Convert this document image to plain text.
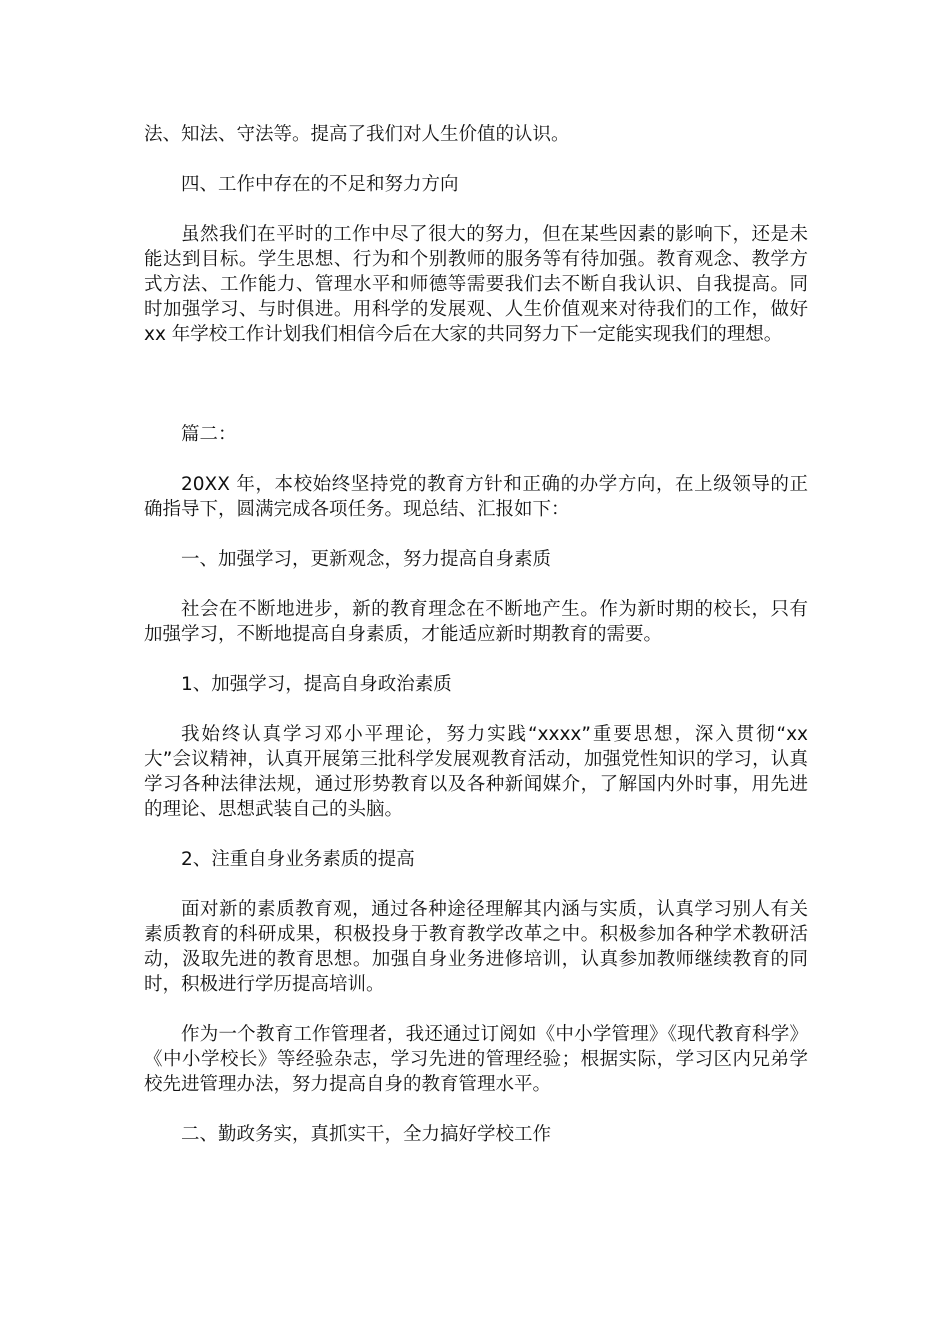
法、知法、守法等。提高了我们对人生价值的认识。

四、工作中存在的不足和努力方向

虽然我们在平时的工作中尽了很大的努力，但在某些因素的影响下，还是未能达到目标。学生思想、行为和个别教师的服务等有待加强。教育观念、教学方式方法、工作能力、管理水平和师德等需要我们去不断自我认识、自我提高。同时加强学习、与时俱进。用科学的发展观、人生价值观来对待我们的工作，做好 xx 年学校工作计划我们相信今后在大家的共同努力下一定能实现我们的理想。

篇二：

20XX 年，本校始终坚持党的教育方针和正确的办学方向，在上级领导的正确指导下，圆满完成各项任务。现总结、汇报如下：

一、加强学习，更新观念，努力提高自身素质

社会在不断地进步，新的教育理念在不断地产生。作为新时期的校长，只有加强学习，不断地提高自身素质，才能适应新时期教育的需要。

1、加强学习，提高自身政治素质

我始终认真学习邓小平理论，努力实践“xxxx”重要思想，深入贯彻“xx 大”会议精神，认真开展第三批科学发展观教育活动，加强党性知识的学习，认真学习各种法律法规，通过形势教育以及各种新闻媒介，了解国内外时事，用先进的理论、思想武装自己的头脑。

2、注重自身业务素质的提高

面对新的素质教育观，通过各种途径理解其内涵与实质，认真学习别人有关素质教育的科研成果，积极投身于教育教学改革之中。积极参加各种学术教研活动，汲取先进的教育思想。加强自身业务进修培训，认真参加教师继续教育的同时，积极进行学历提高培训。

作为一个教育工作管理者，我还通过订阅如《中小学管理》《现代教育科学》《中小学校长》等经验杂志，学习先进的管理经验；根据实际，学习区内兄弟学校先进管理办法，努力提高自身的教育管理水平。

二、勤政务实，真抓实干，全力搞好学校工作
